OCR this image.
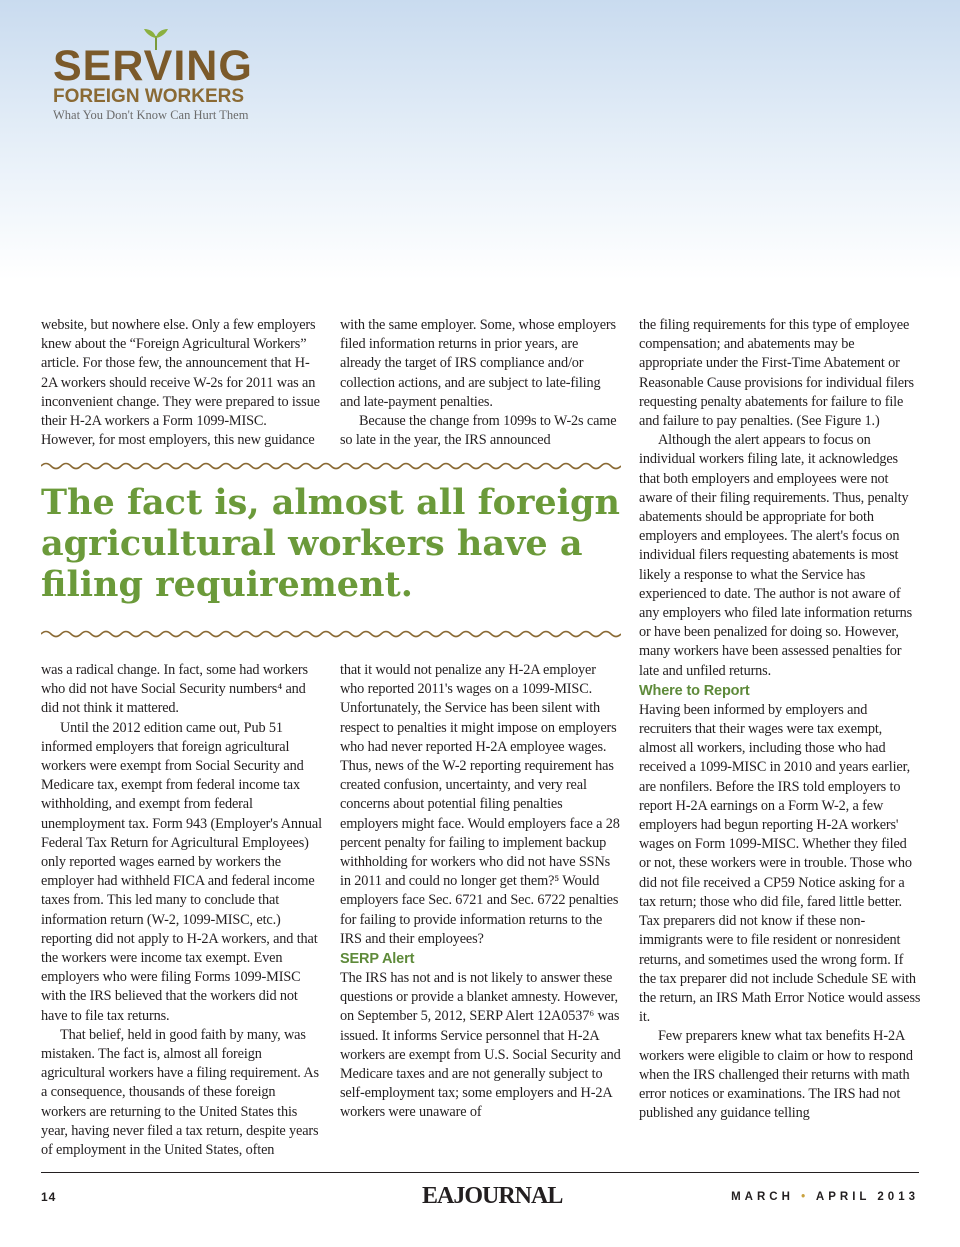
SERVING
FOREIGN WORKERS
What You Don't Know Can Hurt Them

website, but nowhere else. Only a few employers knew about the “Foreign Agricultural Workers” article. For those few, the announcement that H-2A workers should receive W-2s for 2011 was an inconvenient change. They were prepared to issue their H-2A workers a Form 1099-MISC. However, for most employers, this new guidance

with the same employer. Some, whose employers filed information returns in prior years, are already the target of IRS compliance and/or collection actions, and are subject to late-filing and late-payment penalties.

Because the change from 1099s to W-2s came so late in the year, the IRS announced

The fact is, almost all foreign agricultural workers have a filing requirement.

was a radical change. In fact, some had workers who did not have Social Security numbers⁴ and did not think it mattered.

Until the 2012 edition came out, Pub 51 informed employers that foreign agricultural workers were exempt from Social Security and Medicare tax, exempt from federal income tax withholding, and exempt from federal unemployment tax. Form 943 (Employer's Annual Federal Tax Return for Agricultural Employees) only reported wages earned by workers the employer had withheld FICA and federal income taxes from. This led many to conclude that information return (W-2, 1099-MISC, etc.) reporting did not apply to H-2A workers, and that the workers were income tax exempt. Even employers who were filing Forms 1099-MISC with the IRS believed that the workers did not have to file tax returns.

That belief, held in good faith by many, was mistaken. The fact is, almost all foreign agricultural workers have a filing requirement. As a consequence, thousands of these foreign workers are returning to the United States this year, having never filed a tax return, despite years of employment in the United States, often

that it would not penalize any H-2A employer who reported 2011's wages on a 1099-MISC. Unfortunately, the Service has been silent with respect to penalties it might impose on employers who had never reported H-2A employee wages. Thus, news of the W-2 reporting requirement has created confusion, uncertainty, and very real concerns about potential filing penalties employers might face. Would employers face a 28 percent penalty for failing to implement backup withholding for workers who did not have SSNs in 2011 and could no longer get them?⁵ Would employers face Sec. 6721 and Sec. 6722 penalties for failing to provide information returns to the IRS and their employees?

SERP Alert

The IRS has not and is not likely to answer these questions or provide a blanket amnesty. However, on September 5, 2012, SERP Alert 12A0537⁶ was issued. It informs Service personnel that H-2A workers are exempt from U.S. Social Security and Medicare taxes and are not generally subject to self-employment tax; some employers and H-2A workers were unaware of

the filing requirements for this type of employee compensation; and abatements may be appropriate under the First-Time Abatement or Reasonable Cause provisions for individual filers requesting penalty abatements for failure to file and failure to pay penalties. (See Figure 1.)

Although the alert appears to focus on individual workers filing late, it acknowledges that both employers and employees were not aware of their filing requirements. Thus, penalty abatements should be appropriate for both employers and employees. The alert's focus on individual filers requesting abatements is most likely a response to what the Service has experienced to date. The author is not aware of any employers who filed late information returns or have been penalized for doing so. However, many workers have been assessed penalties for late and unfiled returns.

Where to Report

Having been informed by employers and recruiters that their wages were tax exempt, almost all workers, including those who had received a 1099-MISC in 2010 and years earlier, are nonfilers. Before the IRS told employers to report H-2A earnings on a Form W-2, a few employers had begun reporting H-2A workers' wages on Form 1099-MISC. Whether they filed or not, these workers were in trouble. Those who did not file received a CP59 Notice asking for a tax return; those who did file, fared little better. Tax preparers did not know if these non-immigrants were to file resident or nonresident returns, and sometimes used the wrong form. If the tax preparer did not include Schedule SE with the return, an IRS Math Error Notice would assess it.

Few preparers knew what tax benefits H-2A workers were eligible to claim or how to respond when the IRS challenged their returns with math error notices or examinations. The IRS had not published any guidance telling

14	EAJOURNAL	MARCH • APRIL 2013
